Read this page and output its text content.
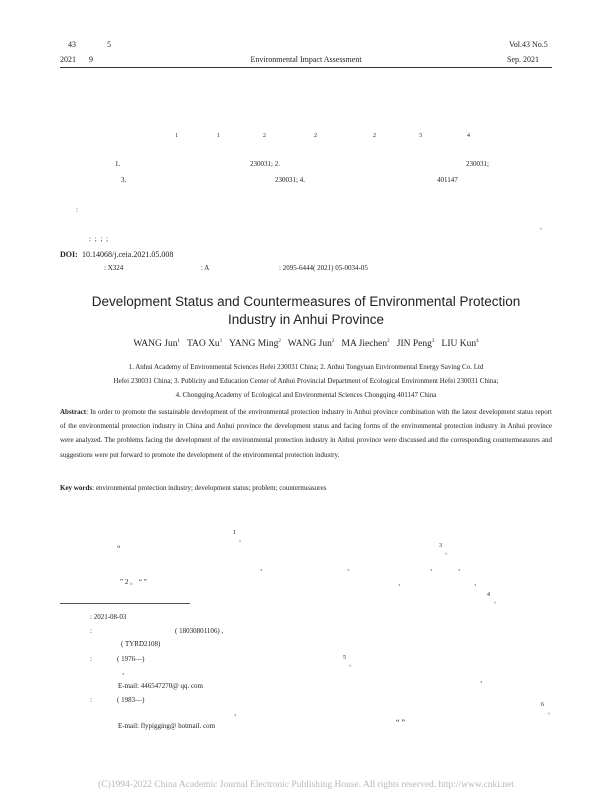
43	5	Vol.43 No.5
2021 9	Environmental Impact Assessment	Sep. 2021
1	1	2	2	2	3	4
1.	230031; 2.	230031;
3.	230031; 4.	401147
:
。
: ; ; ;
DOI: 10.14068/j.ceia.2021.05.008
: X324	: A	: 2095-6444( 2021) 05-0034-05
Development Status and Countermeasures of Environmental Protection
Industry in Anhui Province
WANG Jun$^1$ TAO Xu$^1$ YANG Ming$^2$ WANG Jun$^2$ MA Jiechen$^2$ JIN Peng$^3$ LIU Kun$^4$
1. Anhui Academy of Environmental Sciences Hefei 230031 China; 2. Anhui Tongyuan Environmental Energy Saving Co. Ltd
Hefei 230031 China; 3. Publicity and Education Center of Anhui Provincial Department of Ecological Environment Hefei 230031 China;
4. Chongqing Academy of Ecological and Environmental Sciences Chongqing 401147 China
Abstract: In order to promote the sustainable development of the environmental protection industry in Anhui province combination with the latest development status report of the environmental protection industry in China and Anhui province the development status and facing forms of the environmental protection industry in Anhui province were analyzed. The problems facing the development of the environmental protection industry in Anhui province were discussed and the corresponding countermeasures and suggestions were put forward to promote the development of the environmental protection industry.
Key words: environmental protection industry; development status; problem; countermeasures
1
，
“	3
。
、	、	、	、
” 2 。 “ ”	、	、
4
。
: 2021-08-03
:	( 18030801106) ,
( TYRD2108)
:	( 1976—)	5
。
、
、
E-mail: 446547270@ qq. com
:	( 1983—)
6
。
、
E-mail: flypigging@ hotmail. com	“ ”
(C)1994-2022 China Academic Journal Electronic Publishing House. All rights reserved. http://www.cnki.net
